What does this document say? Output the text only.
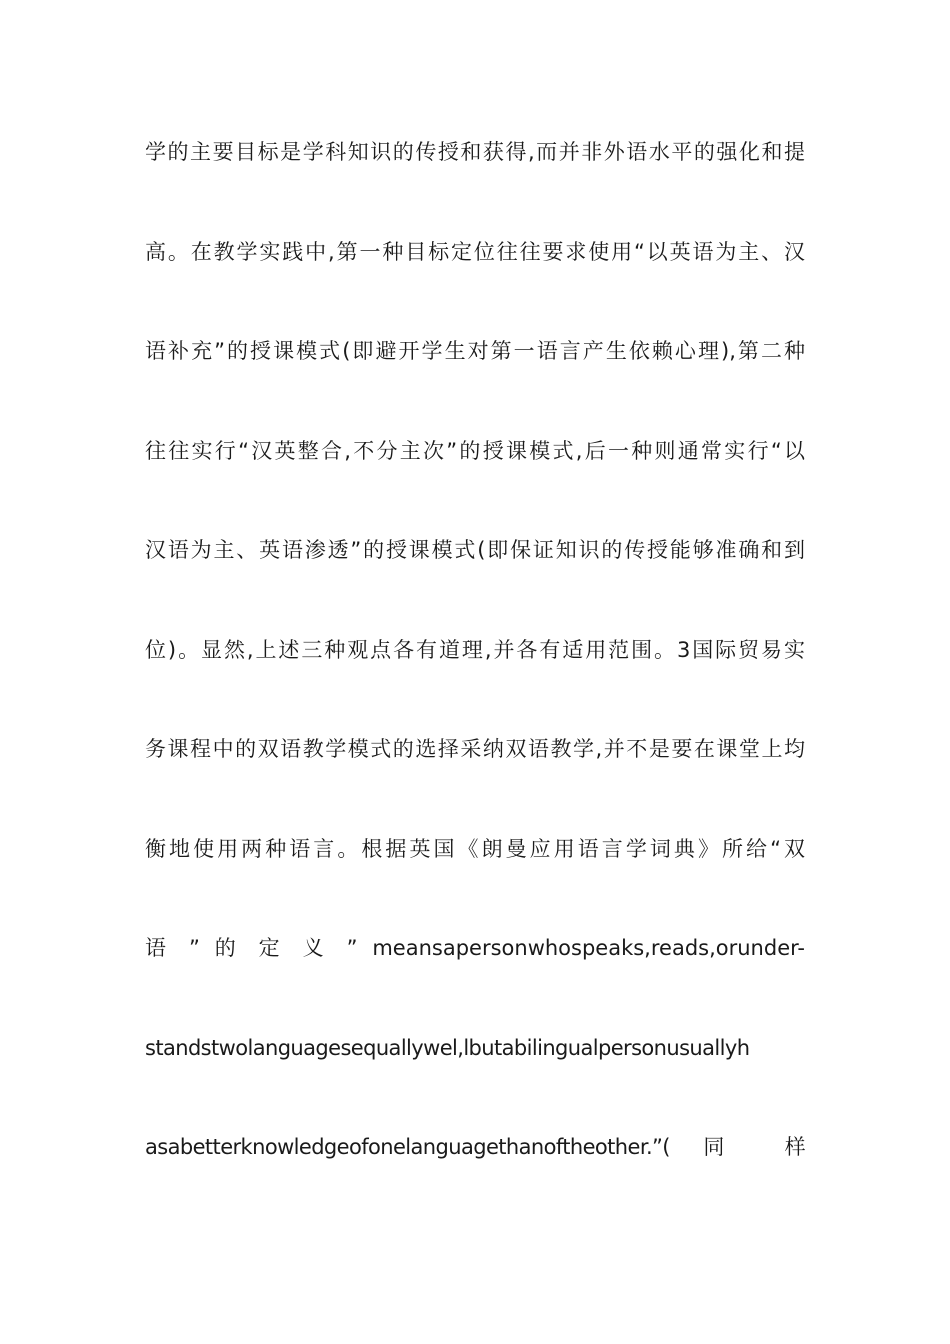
学的主要目标是学科知识的传授和获得,而并非外语水平的强化和提
高。在教学实践中,第一种目标定位往往要求使用“以英语为主、汉
语补充”的授课模式(即避开学生对第一语言产生依赖心理),第二种
往往实行“汉英整合,不分主次”的授课模式,后一种则通常实行“以
汉语为主、英语渗透”的授课模式(即保证知识的传授能够准确和到
位)。显然,上述三种观点各有道理,并各有适用范围。3国际贸易实
务课程中的双语教学模式的选择采纳双语教学,并不是要在课堂上均
衡地使用两种语言。根据英国《朗曼应用语言学词典》所给“双
语 ” 的 定 义 ” meansapersonwhospeaks,reads,orunder-
standstwolanguagesequallywel,lbutabilingualpersonusuallyh
asabetterknowledgeofonelanguagethanoftheother.”( 同 样
